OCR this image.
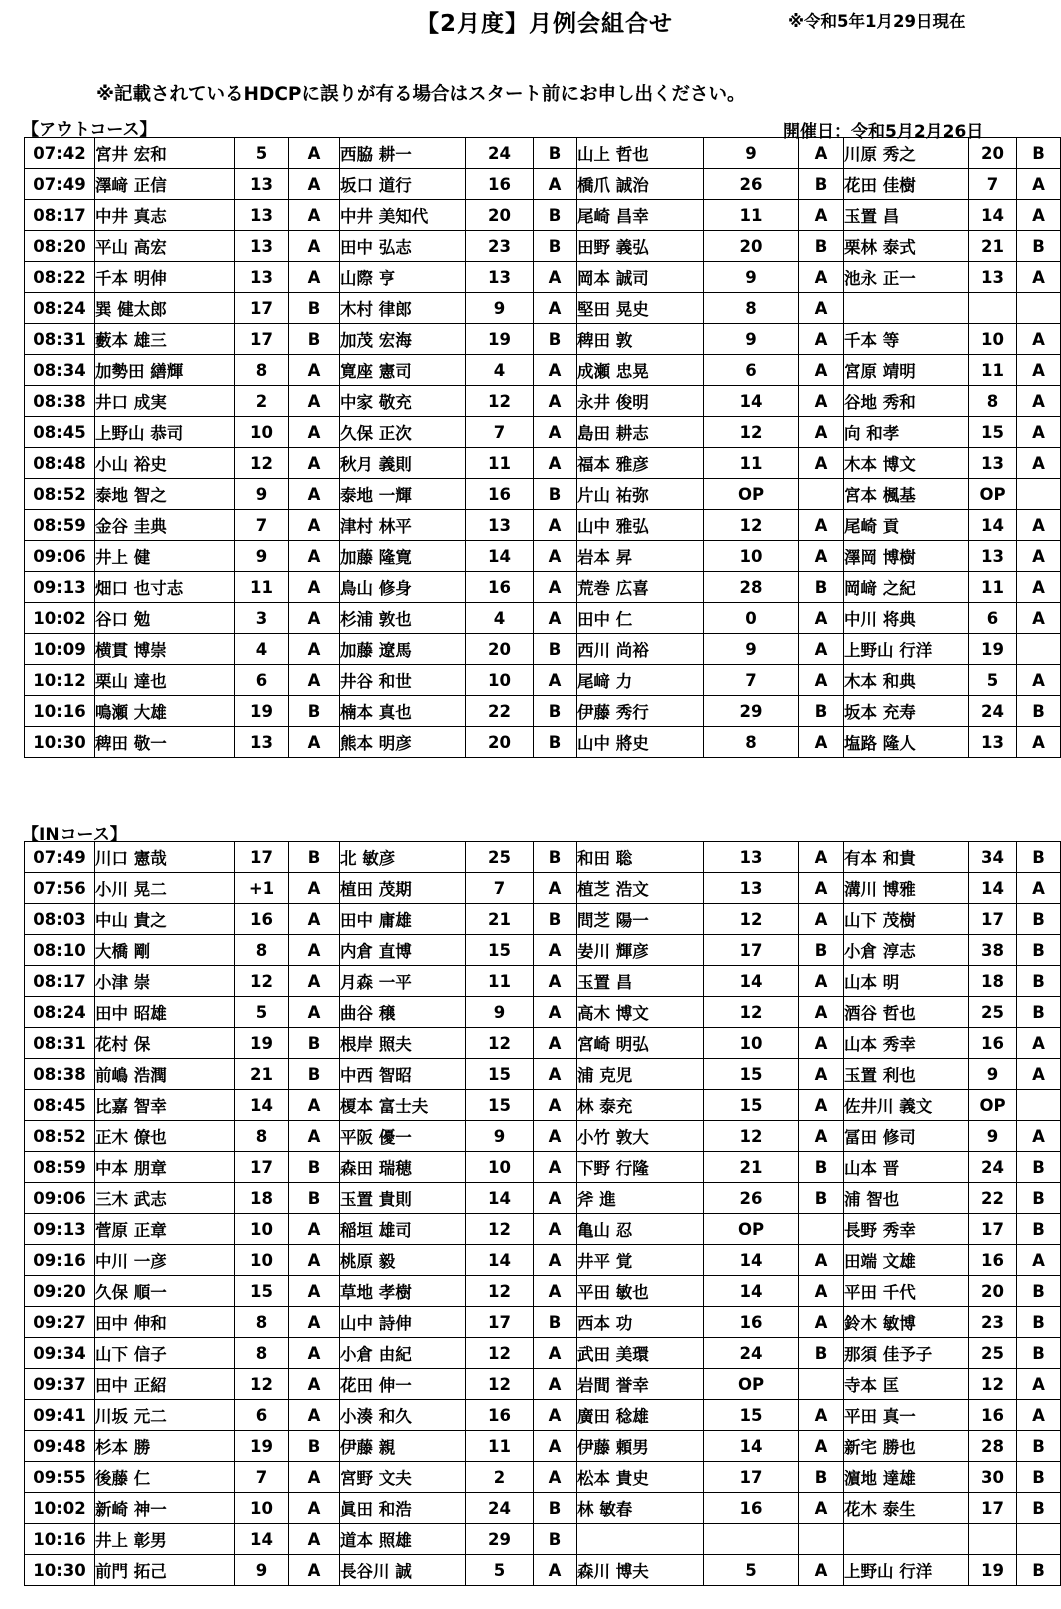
【2月度】月例会組合せ	※令和5年1月29日現在
※記載されているHDCPに誤りが有る場合はスタート前にお申し出ください。
【アウトコース】	開催日：令和5月2月26日
07:42	宮井 宏和	5	A	西脇 耕一	24	B	山上 哲也	9	A	川原 秀之	20	B
07:49	澤﨑 正信	13	A	坂口 道行	16	A	橋爪 誠治	26	B	花田 佳樹	7	A
08:17	中井 真志	13	A	中井 美知代	20	B	尾崎 昌幸	11	A	玉置 昌	14	A
08:20	平山 高宏	13	A	田中 弘志	23	B	田野 義弘	20	B	栗林 泰式	21	B
08:22	千本 明伸	13	A	山際 亨	13	A	岡本 誠司	9	A	池永 正一	13	A
08:24	巽 健太郎	17	B	木村 律郎	9	A	堅田 晃史	8	A			
08:31	藪本 雄三	17	B	加茂 宏海	19	B	稗田 敦	9	A	千本 等	10	A
08:34	加勢田 繕輝	8	A	寛座 憲司	4	A	成瀬 忠晃	6	A	宮原 靖明	11	A
08:38	井口 成実	2	A	中家 敬充	12	A	永井 俊明	14	A	谷地 秀和	8	A
08:45	上野山 恭司	10	A	久保 正次	7	A	島田 耕志	12	A	向 和孝	15	A
08:48	小山 裕史	12	A	秋月 義則	11	A	福本 雅彦	11	A	木本 博文	13	A
08:52	泰地 智之	9	A	泰地 一輝	16	B	片山 祐弥	OP		宮本 楓基	OP	
08:59	金谷 圭典	7	A	津村 林平	13	A	山中 雅弘	12	A	尾崎 貢	14	A
09:06	井上 健	9	A	加藤 隆寛	14	A	岩本 昇	10	A	澤岡 博樹	13	A
09:13	畑口 也寸志	11	A	鳥山 修身	16	A	荒巻 広喜	28	B	岡﨑 之紀	11	A
10:02	谷口 勉	3	A	杉浦 敦也	4	A	田中 仁	0	A	中川 将典	6	A
10:09	横貫 博崇	4	A	加藤 遼馬	20	B	西川 尚裕	9	A	上野山 行洋	19	
10:12	栗山 達也	6	A	井谷 和世	10	A	尾﨑 力	7	A	木本 和典	5	A
10:16	鳴瀬 大雄	19	B	楠本 真也	22	B	伊藤 秀行	29	B	坂本 充寿	24	B
10:30	稗田 敬一	13	A	熊本 明彦	20	B	山中 將史	8	A	塩路 隆人	13	A
【INコース】
07:49	川口 憲哉	17	B	北 敏彦	25	B	和田 聡	13	A	有本 和貴	34	B
07:56	小川 晃二	+1	A	植田 茂期	7	A	植芝 浩文	13	A	溝川 博雅	14	A
08:03	中山 貴之	16	A	田中 庸雄	21	B	問芝 陽一	12	A	山下 茂樹	17	B
08:10	大橋 剛	8	A	内倉 直博	15	A	妛川 輝彦	17	B	小倉 淳志	38	B
08:17	小津 崇	12	A	月森 一平	11	A	玉置 昌	14	A	山本 明	18	B
08:24	田中 昭雄	5	A	曲谷 穣	9	A	高木 博文	12	A	酒谷 哲也	25	B
08:31	花村 保	19	B	根岸 照夫	12	A	宮崎 明弘	10	A	山本 秀幸	16	A
08:38	前嶋 浩潤	21	B	中西 智昭	15	A	浦 克児	15	A	玉置 利也	9	A
08:45	比嘉 智幸	14	A	榎本 富士夫	15	A	林 泰充	15	A	佐井川 義文	OP	
08:52	正木 僚也	8	A	平阪 優一	9	A	小竹 敦大	12	A	冨田 修司	9	A
08:59	中本 朋章	17	B	森田 瑞穂	10	A	下野 行隆	21	B	山本 晋	24	B
09:06	三木 武志	18	B	玉置 貴則	14	A	斧 進	26	B	浦 智也	22	B
09:13	菅原 正章	10	A	稲垣 雄司	12	A	亀山 忍	OP		長野 秀幸	17	B
09:16	中川 一彦	10	A	桃原 毅	14	A	井平 覚	14	A	田端 文雄	16	A
09:20	久保 順一	15	A	草地 孝樹	12	A	平田 敏也	14	A	平田 千代	20	B
09:27	田中 伸和	8	A	山中 詩伸	17	B	西本 功	16	A	鈴木 敏博	23	B
09:34	山下 信子	8	A	小倉 由紀	12	A	武田 美環	24	B	那須 佳予子	25	B
09:37	田中 正紹	12	A	花田 伸一	12	A	岩間 誉幸	OP		寺本 匡	12	A
09:41	川坂 元二	6	A	小湊 和久	16	A	廣田 稔雄	15	A	平田 真一	16	A
09:48	杉本 勝	19	B	伊藤 親	11	A	伊藤 頼男	14	A	新宅 勝也	28	B
09:55	後藤 仁	7	A	宮野 文夫	2	A	松本 貴史	17	B	濵地 達雄	30	B
10:02	新崎 神一	10	A	眞田 和浩	24	B	林 敏春	16	A	花木 泰生	17	B
10:16	井上 彰男	14	A	道本 照雄	29	B						
10:30	前門 拓己	9	A	長谷川 誠	5	A	森川 博夫	5	A	上野山 行洋	19	B
